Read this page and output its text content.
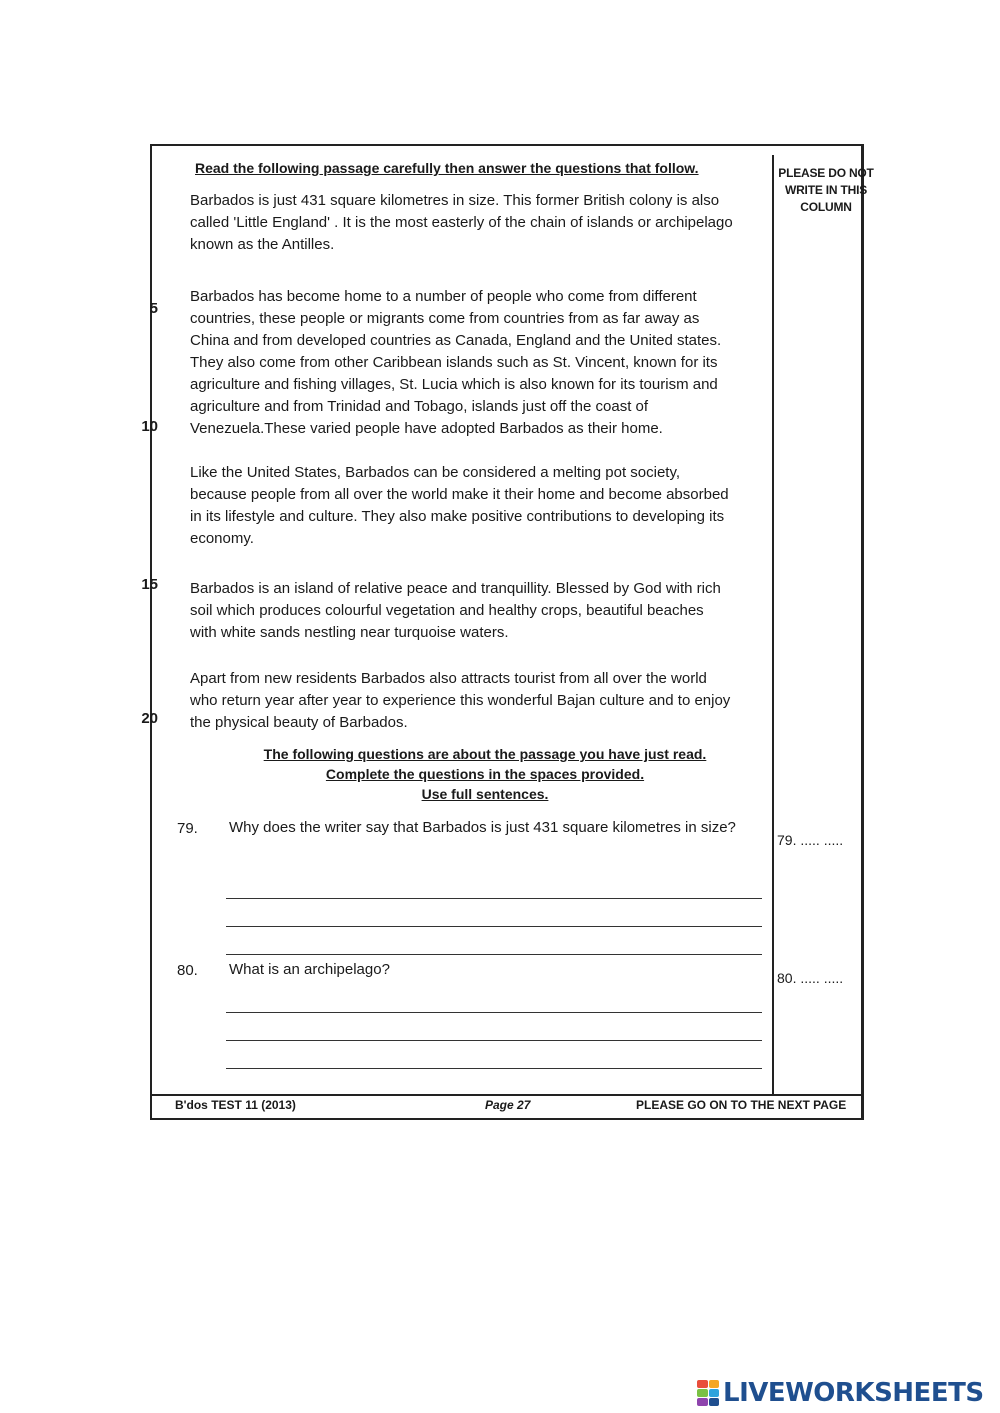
PLEASE DO NOT
WRITE IN THIS
COLUMN
Read the following passage carefully then answer the questions that follow.
Barbados is just 431 square kilometres in size. This former British colony is also
called 'Little England' . It is the most easterly of the chain of islands or archipelago
known as the Antilles.
Barbados has become home to a number of people who come from different
countries, these people or migrants come from countries from as far away as
China and from developed countries as Canada, England and the United states.
They also come from other Caribbean islands such as St. Vincent, known for its
agriculture and fishing villages, St. Lucia which is also known for its tourism and
agriculture and from Trinidad and Tobago, islands just off the coast of
Venezuela.These varied people have adopted Barbados as their home.
Like the United States, Barbados can be considered a melting pot society,
because people from all over the world make it their home and become absorbed
in its lifestyle and culture. They also make positive contributions to developing its
economy.
Barbados is an island of relative peace and tranquillity. Blessed by God with rich
soil which produces colourful vegetation and healthy crops, beautiful beaches
with white sands nestling near turquoise waters.
Apart from new residents Barbados also attracts tourist from all over the world
who return year after year to experience this wonderful Bajan culture and to enjoy
the physical beauty of Barbados.
5
10
15
20
The following questions are about the passage you have just read.
Complete the questions in the spaces provided.
Use full sentences.
79. Why does the writer say that Barbados is just 431 square kilometres in size?
79. ..... .....
80. What is an archipelago?	80. ..... .....
B'dos TEST 11 (2013)	Page 27	PLEASE GO ON TO THE NEXT PAGE
LIVEWORKSHEETS
